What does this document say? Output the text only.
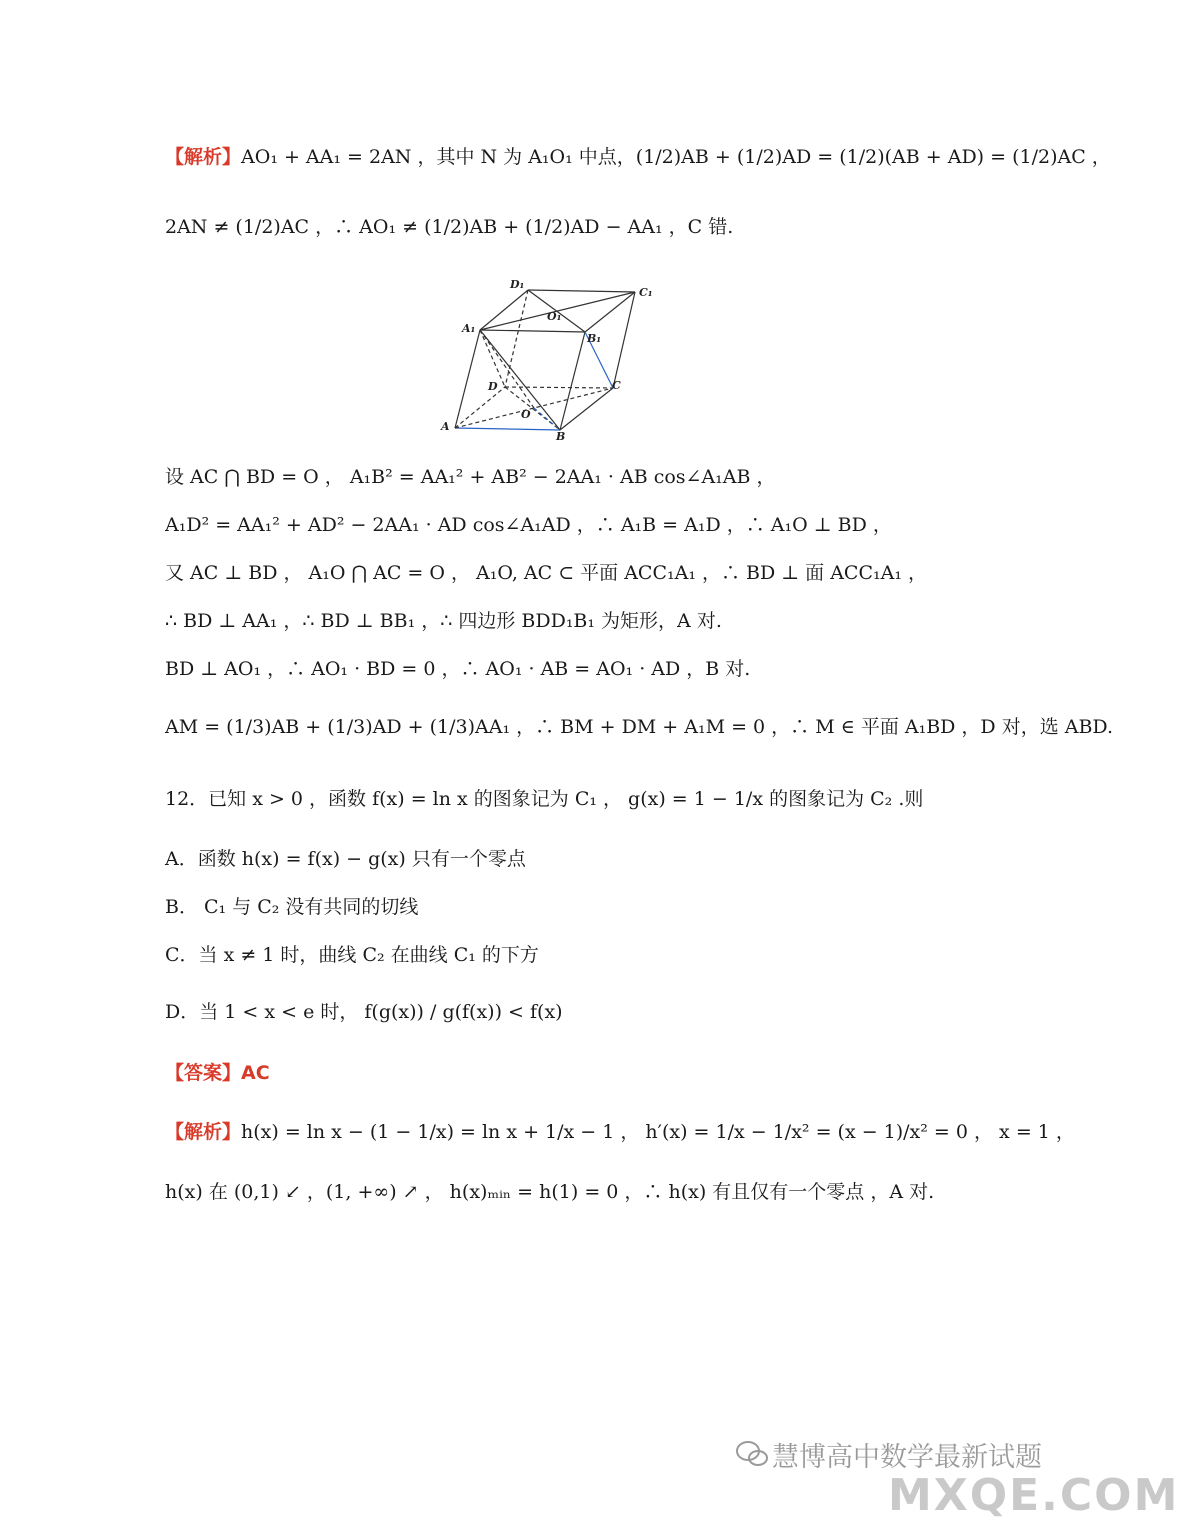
【解析】AO₁ + AA₁ = 2AN ，其中 N 为 A₁O₁ 中点，(1/2)AB + (1/2)AD = (1/2)(AB + AD) = (1/2)AC ，
2AN ≠ (1/2)AC ，∴ AO₁ ≠ (1/2)AB + (1/2)AD − AA₁ ，C 错.
D₁
C₁
O₁
A₁
B₁
D	C
O
A
B
设 AC ⋂ BD = O ， A₁B² = AA₁² + AB² − 2AA₁ · AB cos∠A₁AB ，
A₁D² = AA₁² + AD² − 2AA₁ · AD cos∠A₁AD ，∴ A₁B = A₁D ，∴ A₁O ⊥ BD ，
又 AC ⊥ BD ， A₁O ⋂ AC = O ， A₁O, AC ⊂ 平面 ACC₁A₁ ，∴ BD ⊥ 面 ACC₁A₁ ，
∴ BD ⊥ AA₁ ，∴ BD ⊥ BB₁ ，∴ 四边形 BDD₁B₁ 为矩形，A 对.
BD ⊥ AO₁ ，∴ AO₁ · BD = 0 ，∴ AO₁ · AB = AO₁ · AD ，B 对.
AM = (1/3)AB + (1/3)AD + (1/3)AA₁ ，∴ BM + DM + A₁M = 0 ，∴ M ∈ 平面 A₁BD ，D 对，选 ABD.
12．已知 x > 0 ，函数 f(x) = ln x 的图象记为 C₁ ， g(x) = 1 − 1/x 的图象记为 C₂ .则
A．函数 h(x) = f(x) − g(x) 只有一个零点
B． C₁ 与 C₂ 没有共同的切线
C．当 x ≠ 1 时，曲线 C₂ 在曲线 C₁ 的下方
D．当 1 < x < e 时， f(g(x)) / g(f(x)) < f(x)
【答案】AC
【解析】h(x) = ln x − (1 − 1/x) = ln x + 1/x − 1 ， h′(x) = 1/x − 1/x² = (x − 1)/x² = 0 ， x = 1 ，
h(x) 在 (0,1) ↙ ，(1, +∞) ↗ ， h(x)ₘᵢₙ = h(1) = 0 ，∴ h(x) 有且仅有一个零点 ，A 对.
慧博高中数学最新试题
MXQE.COM
